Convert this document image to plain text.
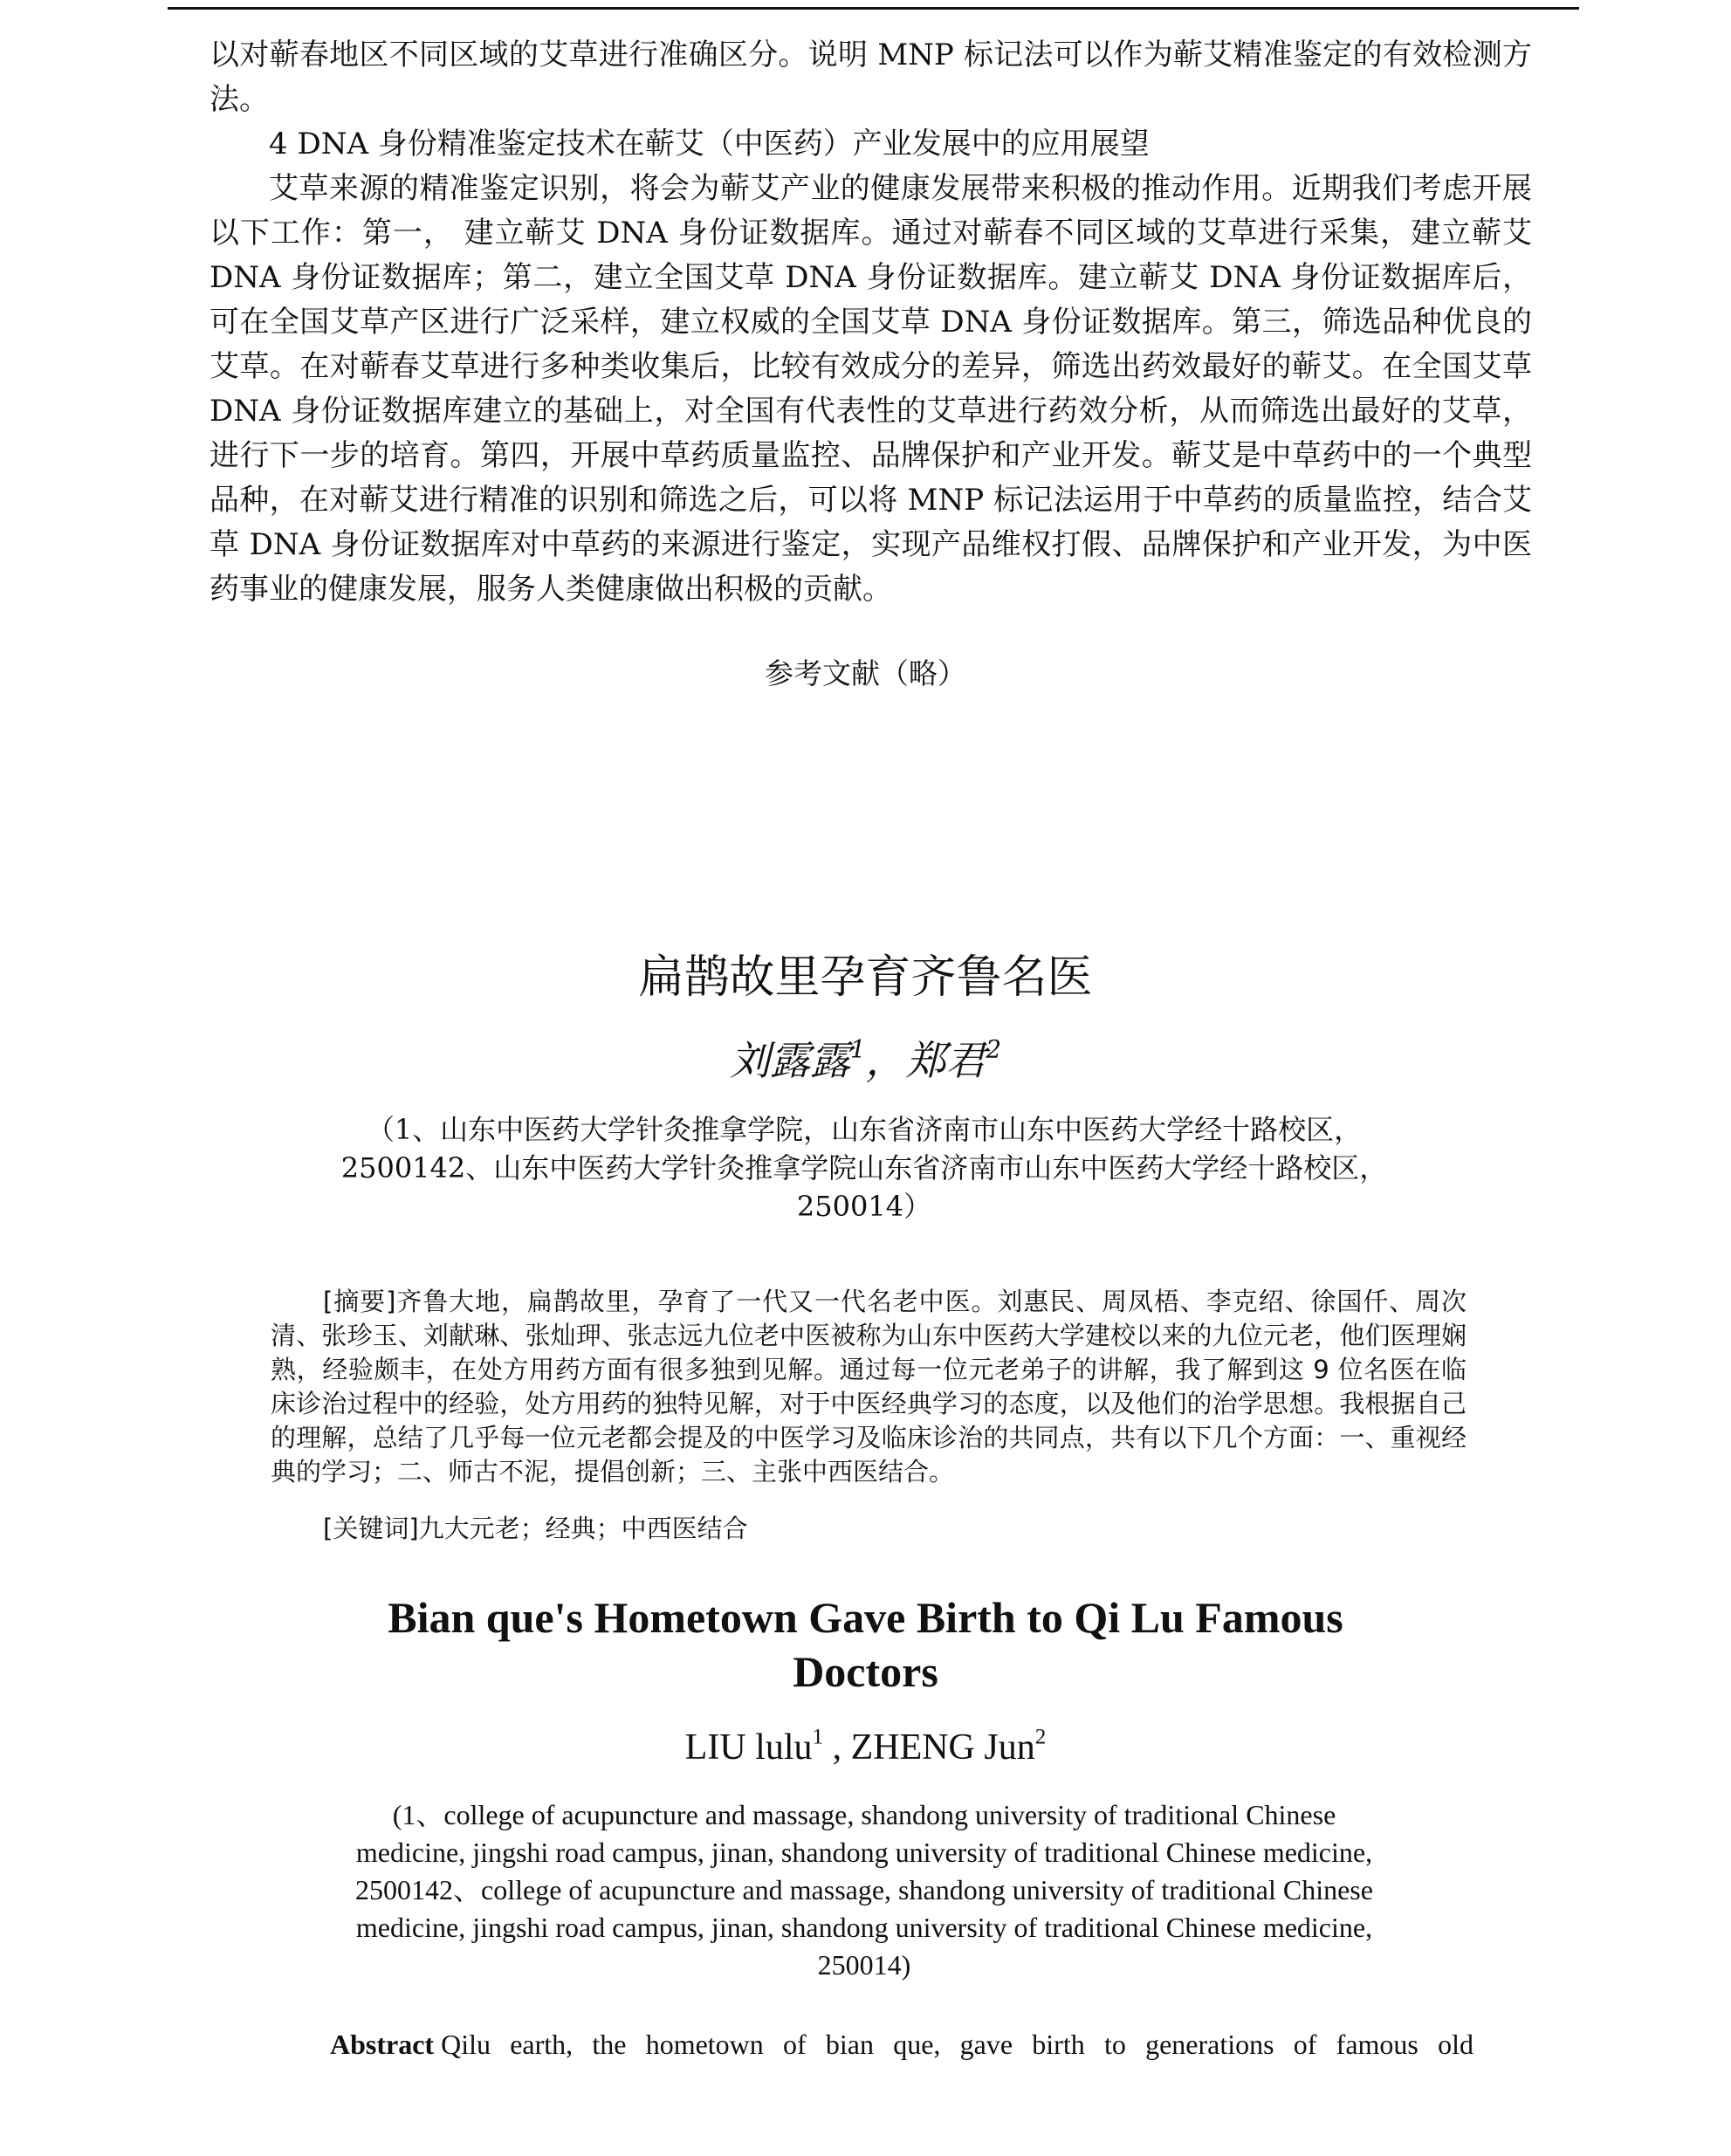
以对蕲春地区不同区域的艾草进行准确区分。说明 MNP 标记法可以作为蕲艾精准鉴定的有效检测方法。

4 DNA 身份精准鉴定技术在蕲艾（中医药）产业发展中的应用展望

艾草来源的精准鉴定识别，将会为蕲艾产业的健康发展带来积极的推动作用。近期我们考虑开展以下工作：第一， 建立蕲艾 DNA 身份证数据库。通过对蕲春不同区域的艾草进行采集，建立蕲艾 DNA 身份证数据库；第二，建立全国艾草 DNA 身份证数据库。建立蕲艾 DNA 身份证数据库后，可在全国艾草产区进行广泛采样，建立权威的全国艾草 DNA 身份证数据库。第三，筛选品种优良的艾草。在对蕲春艾草进行多种类收集后，比较有效成分的差异，筛选出药效最好的蕲艾。在全国艾草 DNA 身份证数据库建立的基础上，对全国有代表性的艾草进行药效分析，从而筛选出最好的艾草，进行下一步的培育。第四，开展中草药质量监控、品牌保护和产业开发。蕲艾是中草药中的一个典型品种，在对蕲艾进行精准的识别和筛选之后，可以将 MNP 标记法运用于中草药的质量监控，结合艾草 DNA 身份证数据库对中草药的来源进行鉴定，实现产品维权打假、品牌保护和产业开发，为中医药事业的健康发展，服务人类健康做出积极的贡献。

参考文献（略）
扁鹊故里孕育齐鲁名医
刘露露$^1$，郑君$^2$
（1、山东中医药大学针灸推拿学院，山东省济南市山东中医药大学经十路校区，
2500142、山东中医药大学针灸推拿学院山东省济南市山东中医药大学经十路校区，
250014）
[摘要]齐鲁大地，扁鹊故里，孕育了一代又一代名老中医。刘惠民、周凤梧、李克绍、徐国仟、周次清、张珍玉、刘献琳、张灿玾、张志远九位老中医被称为山东中医药大学建校以来的九位元老，他们医理娴熟，经验颇丰，在处方用药方面有很多独到见解。通过每一位元老弟子的讲解，我了解到这 9 位名医在临床诊治过程中的经验，处方用药的独特见解，对于中医经典学习的态度，以及他们的治学思想。我根据自己的理解，总结了几乎每一位元老都会提及的中医学习及临床诊治的共同点，共有以下几个方面：一、重视经典的学习；二、师古不泥，提倡创新；三、主张中西医结合。
[关键词]九大元老；经典；中西医结合
Bian que's Hometown Gave Birth to Qi Lu Famous
Doctors
LIU lulu$^1$ , ZHENG Jun$^2$
(1、college of acupuncture and massage, shandong university of traditional Chinese
medicine, jingshi road campus, jinan, shandong university of traditional Chinese medicine,
2500142、college of acupuncture and massage, shandong university of traditional Chinese
medicine, jingshi road campus, jinan, shandong university of traditional Chinese medicine,
250014)
Abstract Qilu earth, the hometown of bian que, gave birth to generations of famous old
